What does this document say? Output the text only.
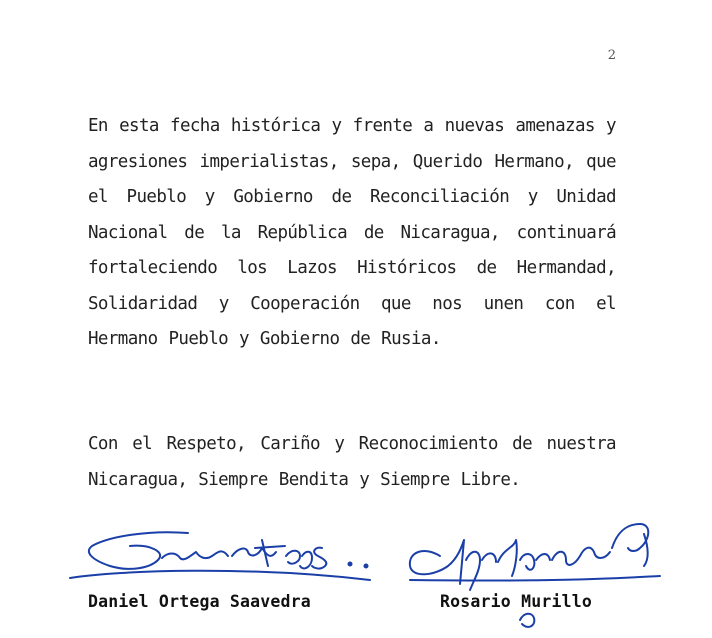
2

En esta fecha histórica y frente a nuevas amenazas y agresiones imperialistas, sepa, Querido Hermano, que el Pueblo y Gobierno de Reconciliación y Unidad Nacional de la República de Nicaragua, continuará fortaleciendo los Lazos Históricos de Hermandad, Solidaridad y Cooperación que nos unen con el Hermano Pueblo y Gobierno de Rusia.

Con el Respeto, Cariño y Reconocimiento de nuestra Nicaragua, Siempre Bendita y Siempre Libre.

Daniel Ortega Saavedra	Rosario Murillo
